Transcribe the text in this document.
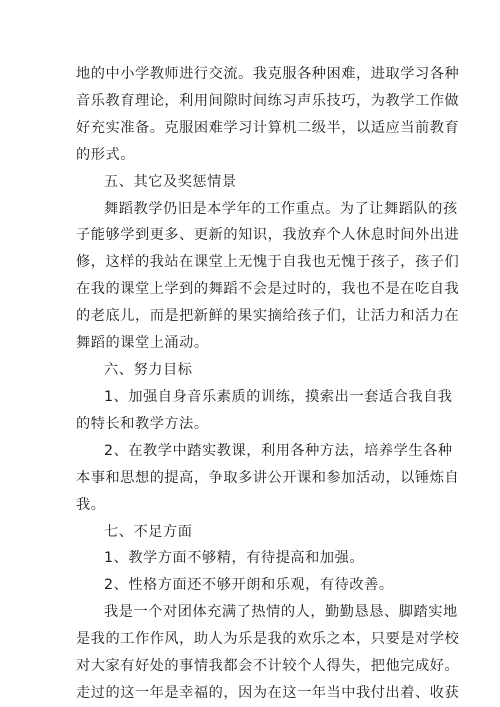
地的中小学教师进行交流。我克服各种困难，进取学习各种
音乐教育理论，利用间隙时间练习声乐技巧，为教学工作做
好充实准备。克服困难学习计算机二级半，以适应当前教育
的形式。
五、其它及奖惩情景
舞蹈教学仍旧是本学年的工作重点。为了让舞蹈队的孩
子能够学到更多、更新的知识，我放弃个人休息时间外出进
修，这样的我站在课堂上无愧于自我也无愧于孩子，孩子们
在我的课堂上学到的舞蹈不会是过时的，我也不是在吃自我
的老底儿，而是把新鲜的果实摘给孩子们，让活力和活力在
舞蹈的课堂上涌动。
六、努力目标
1、加强自身音乐素质的训练，摸索出一套适合我自我
的特长和教学方法。
2、在教学中踏实教课，利用各种方法，培养学生各种
本事和思想的提高，争取多讲公开课和参加活动，以锤炼自
我。
七、不足方面
1、教学方面不够精，有待提高和加强。
2、性格方面还不够开朗和乐观，有待改善。
我是一个对团体充满了热情的人，勤勤恳恳、脚踏实地
是我的工作作风，助人为乐是我的欢乐之本，只要是对学校
对大家有好处的事情我都会不计较个人得失，把他完成好。
走过的这一年是幸福的，因为在这一年当中我付出着、收获
